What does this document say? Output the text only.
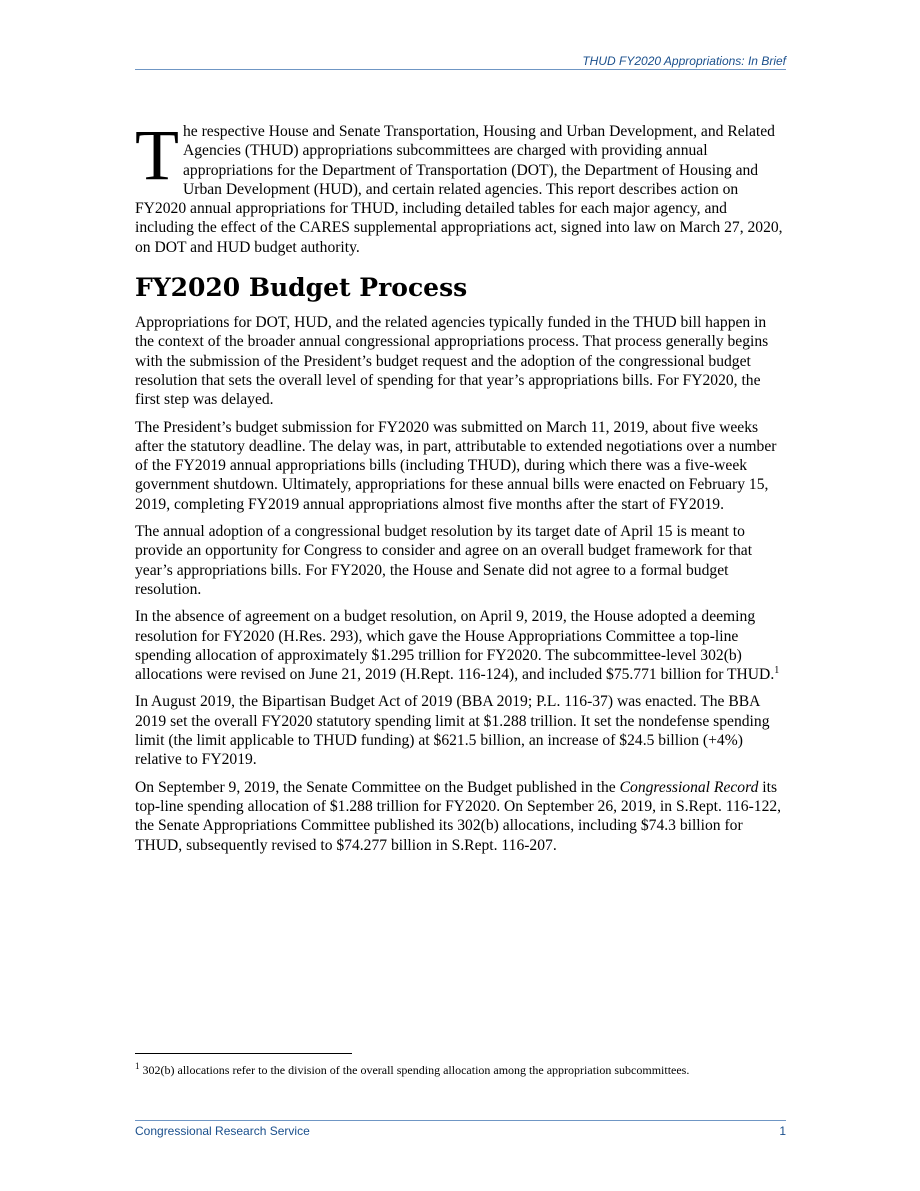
THUD FY2020 Appropriations: In Brief

The respective House and Senate Transportation, Housing and Urban Development, and Related Agencies (THUD) appropriations subcommittees are charged with providing annual appropriations for the Department of Transportation (DOT), the Department of Housing and Urban Development (HUD), and certain related agencies. This report describes action on FY2020 annual appropriations for THUD, including detailed tables for each major agency, and including the effect of the CARES supplemental appropriations act, signed into law on March 27, 2020, on DOT and HUD budget authority.

FY2020 Budget Process

Appropriations for DOT, HUD, and the related agencies typically funded in the THUD bill happen in the context of the broader annual congressional appropriations process. That process generally begins with the submission of the President’s budget request and the adoption of the congressional budget resolution that sets the overall level of spending for that year’s appropriations bills. For FY2020, the first step was delayed.

The President’s budget submission for FY2020 was submitted on March 11, 2019, about five weeks after the statutory deadline. The delay was, in part, attributable to extended negotiations over a number of the FY2019 annual appropriations bills (including THUD), during which there was a five-week government shutdown. Ultimately, appropriations for these annual bills were enacted on February 15, 2019, completing FY2019 annual appropriations almost five months after the start of FY2019.

The annual adoption of a congressional budget resolution by its target date of April 15 is meant to provide an opportunity for Congress to consider and agree on an overall budget framework for that year’s appropriations bills. For FY2020, the House and Senate did not agree to a formal budget resolution.

In the absence of agreement on a budget resolution, on April 9, 2019, the House adopted a deeming resolution for FY2020 (H.Res. 293), which gave the House Appropriations Committee a top-line spending allocation of approximately $1.295 trillion for FY2020. The subcommittee-level 302(b) allocations were revised on June 21, 2019 (H.Rept. 116-124), and included $75.771 billion for THUD.$^1$

In August 2019, the Bipartisan Budget Act of 2019 (BBA 2019; P.L. 116-37) was enacted. The BBA 2019 set the overall FY2020 statutory spending limit at $1.288 trillion. It set the nondefense spending limit (the limit applicable to THUD funding) at $621.5 billion, an increase of $24.5 billion (+4%) relative to FY2019.

On September 9, 2019, the Senate Committee on the Budget published in the Congressional Record its top-line spending allocation of $1.288 trillion for FY2020. On September 26, 2019, in S.Rept. 116-122, the Senate Appropriations Committee published its 302(b) allocations, including $74.3 billion for THUD, subsequently revised to $74.277 billion in S.Rept. 116-207.

$^1$ 302(b) allocations refer to the division of the overall spending allocation among the appropriation subcommittees.
Congressional Research Service	1
